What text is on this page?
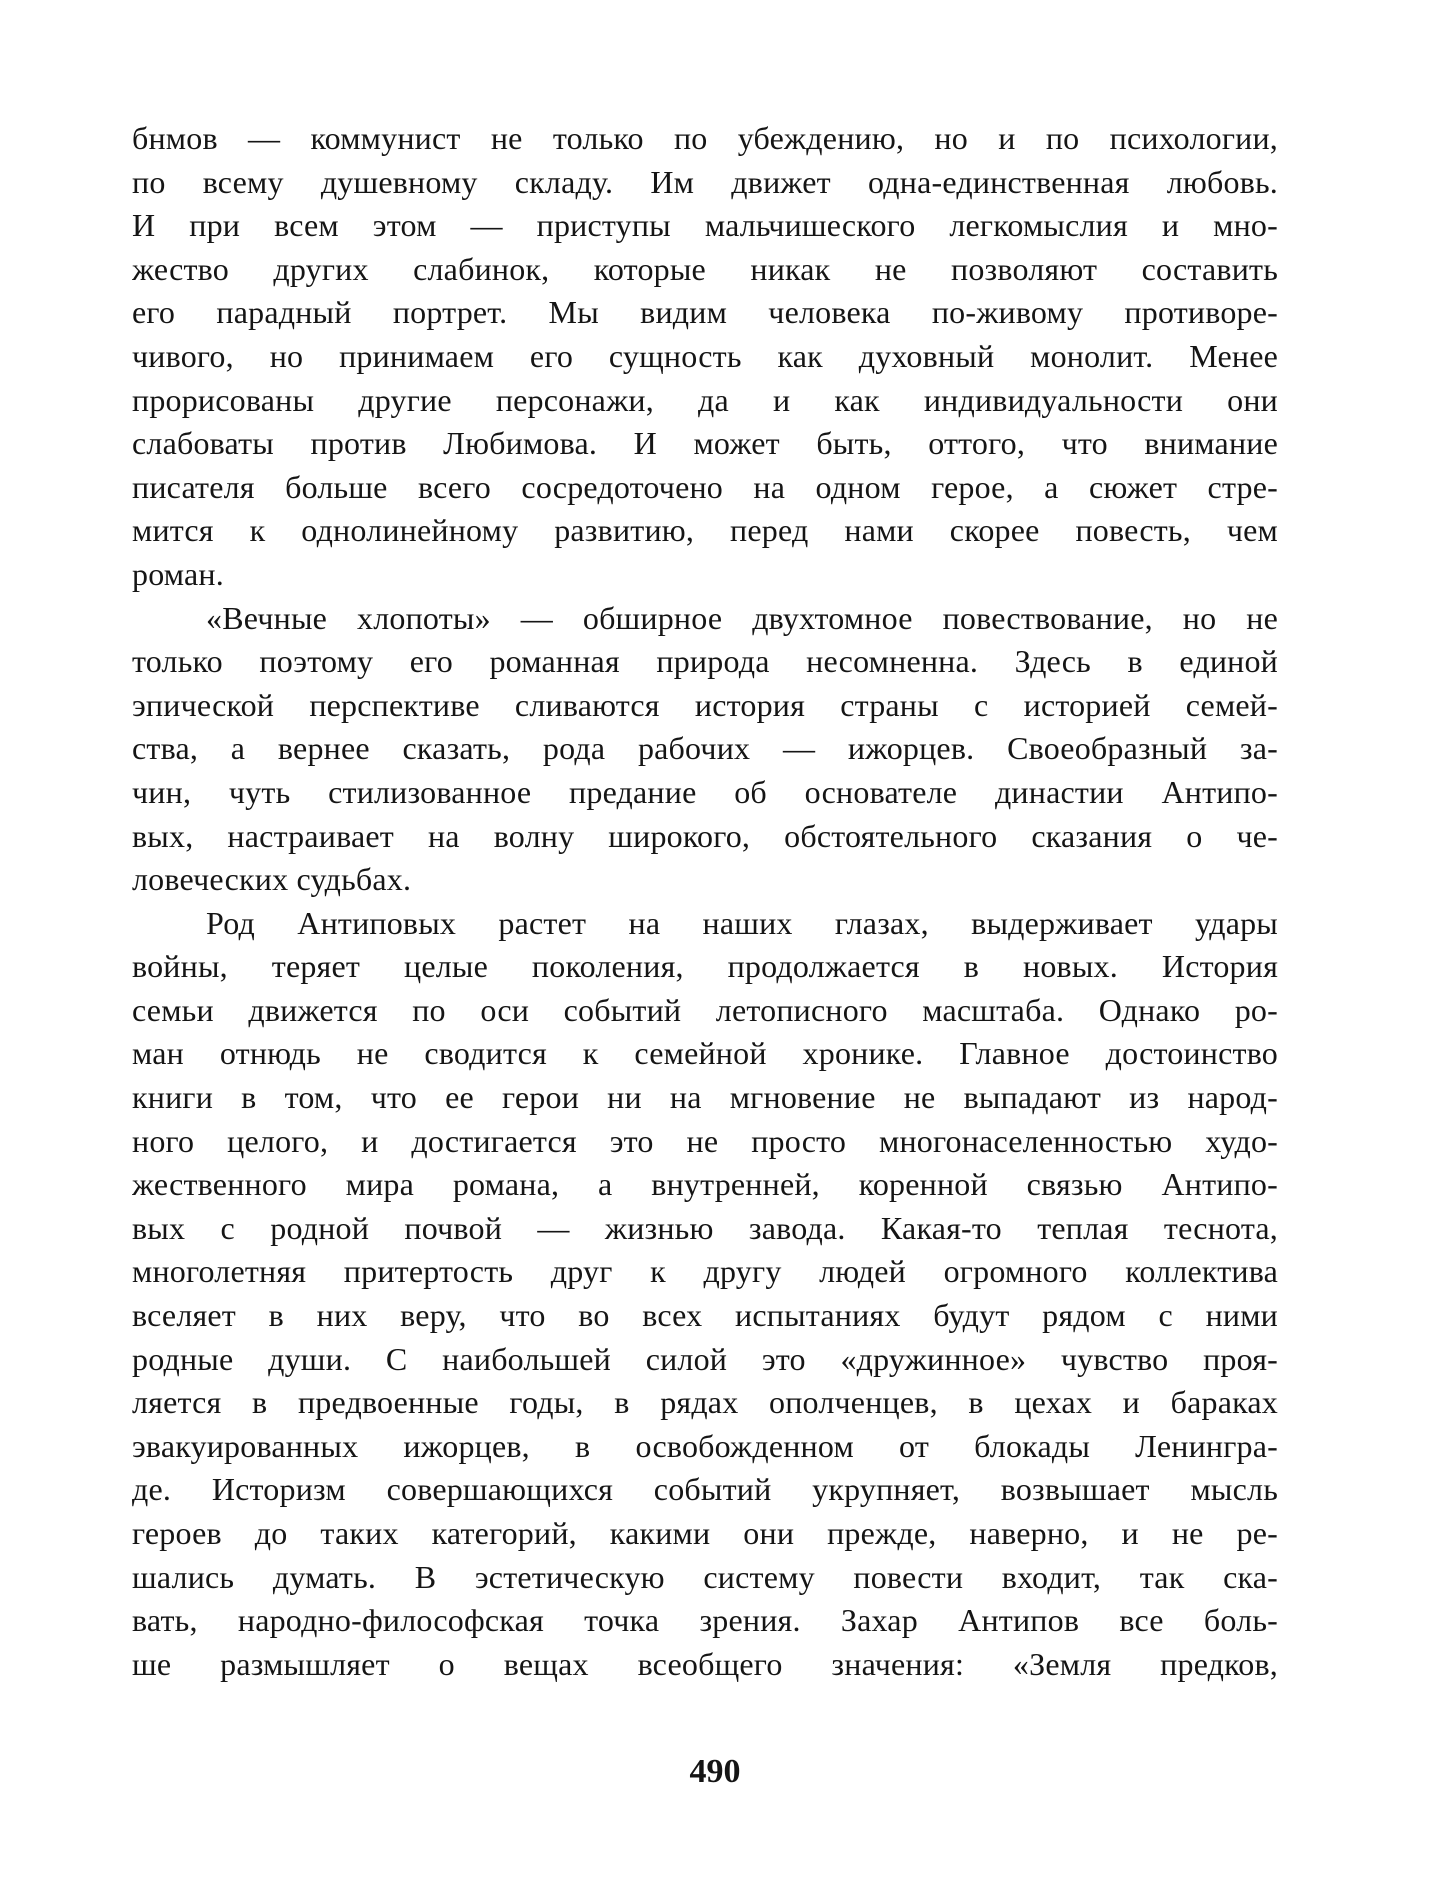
бнмов — коммунист не только по убеждению, но и по психологии,
по всему душевному складу. Им движет одна-единственная любовь.
И при всем этом — приступы мальчишеского легкомыслия и мно-
жество других слабинок, которые никак не позволяют составить
его парадный портрет. Мы видим человека по-живому противоре-
чивого, но принимаем его сущность как духовный монолит. Менее
прорисованы другие персонажи, да и как индивидуальности они
слабоваты против Любимова. И может быть, оттого, что внимание
писателя больше всего сосредоточено на одном герое, а сюжет стре-
мится к однолинейному развитию, перед нами скорее повесть, чем
роман.
«Вечные хлопоты» — обширное двухтомное повествование, но не
только поэтому его романная природа несомненна. Здесь в единой
эпической перспективе сливаются история страны с историей семей-
ства, а вернее сказать, рода рабочих — ижорцев. Своеобразный за-
чин, чуть стилизованное предание об основателе династии Антипо-
вых, настраивает на волну широкого, обстоятельного сказания о че-
ловеческих судьбах.
Род Антиповых растет на наших глазах, выдерживает удары
войны, теряет целые поколения, продолжается в новых. История
семьи движется по оси событий летописного масштаба. Однако ро-
ман отнюдь не сводится к семейной хронике. Главное достоинство
книги в том, что ее герои ни на мгновение не выпадают из народ-
ного целого, и достигается это не просто многонаселенностью худо-
жественного мира романа, а внутренней, коренной связью Антипо-
вых с родной почвой — жизнью завода. Какая-то теплая теснота,
многолетняя притертость друг к другу людей огромного коллектива
вселяет в них веру, что во всех испытаниях будут рядом с ними
родные души. С наибольшей силой это «дружинное» чувство проя-
ляется в предвоенные годы, в рядах ополченцев, в цехах и бараках
эвакуированных ижорцев, в освобожденном от блокады Ленингра-
де. Историзм совершающихся событий укрупняет, возвышает мысль
героев до таких категорий, какими они прежде, наверно, и не ре-
шались думать. В эстетическую систему повести входит, так ска-
вать, народно-философская точка зрения. Захар Антипов все боль-
ше размышляет о вещах всеобщего значения: «Земля предков,
490
